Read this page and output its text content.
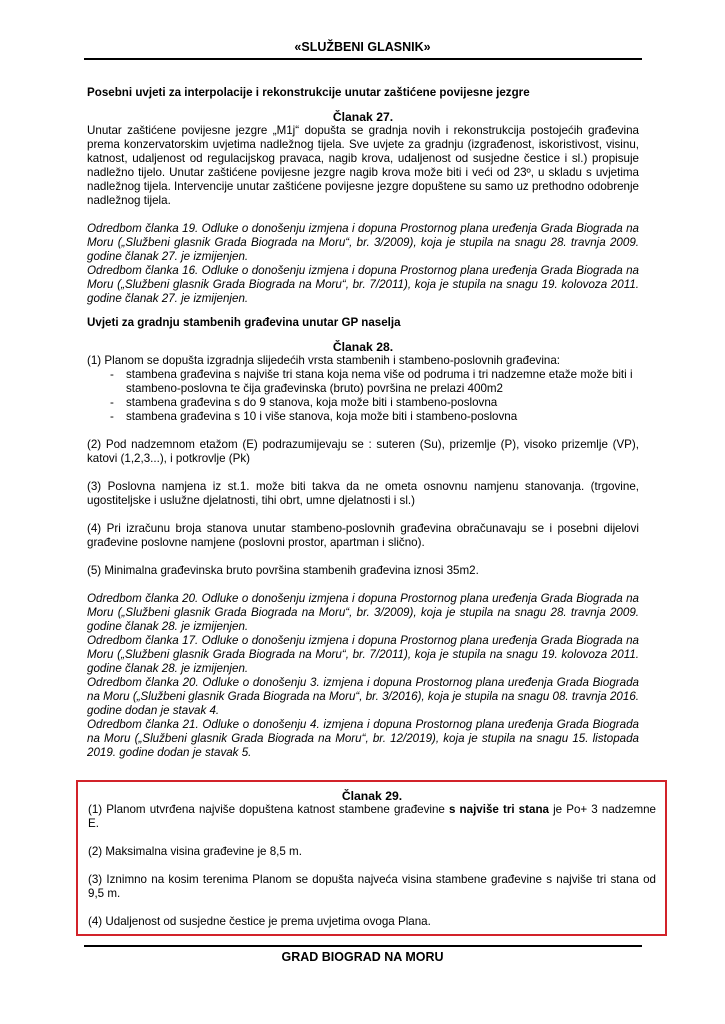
«SLUŽBENI GLASNIK»

Posebni uvjeti za interpolacije i rekonstrukcije unutar zaštićene povijesne jezgre

Članak 27.

Unutar zaštićene povijesne jezgre „M1j“ dopušta se gradnja novih i rekonstrukcija postojećih građevina prema konzervatorskim uvjetima nadležnog tijela. Sve uvjete za gradnju (izgrađenost, iskoristivost, visinu, katnost, udaljenost od regulacijskog pravaca, nagib krova, udaljenost od susjedne čestice i sl.) propisuje nadležno tijelo. Unutar zaštićene povijesne jezgre nagib krova može biti i veći od 23º, u skladu s uvjetima nadležnog tijela. Intervencije unutar zaštićene povijesne jezgre dopuštene su samo uz prethodno odobrenje nadležnog tijela.

Odredbom članka 19. Odluke o donošenju izmjena i dopuna Prostornog plana uređenja Grada Biograda na Moru („Službeni glasnik Grada Biograda na Moru“, br. 3/2009), koja je stupila na snagu 28. travnja 2009. godine članak 27. je izmijenjen.

Odredbom članka 16. Odluke o donošenju izmjena i dopuna Prostornog plana uređenja Grada Biograda na Moru („Službeni glasnik Grada Biograda na Moru“, br. 7/2011), koja je stupila na snagu 19. kolovoza 2011. godine članak 27. je izmijenjen.

Uvjeti za gradnju stambenih građevina unutar GP naselja

Članak 28.

(1) Planom se dopušta izgradnja slijedećih vrsta stambenih i stambeno-poslovnih građevina:

- stambena građevina s najviše tri stana koja nema više od podruma i tri nadzemne etaže može biti i stambeno-poslovna te čija građevinska (bruto) površina ne prelazi 400m2
- stambena građevina s do 9 stanova, koja može biti i stambeno-poslovna
- stambena građevina s 10 i više stanova, koja može biti i stambeno-poslovna

(2) Pod nadzemnom etažom (E) podrazumijevaju se : suteren (Su), prizemlje (P), visoko prizemlje (VP), katovi (1,2,3...), i potkrovlje (Pk)

(3) Poslovna namjena iz st.1. može biti takva da ne ometa osnovnu namjenu stanovanja. (trgovine, ugostiteljske i uslužne djelatnosti, tihi obrt, umne djelatnosti i sl.)

(4) Pri izračunu broja stanova unutar stambeno-poslovnih građevina obračunavaju se i posebni dijelovi građevine poslovne namjene (poslovni prostor, apartman i slično).

(5) Minimalna građevinska bruto površina stambenih građevina iznosi 35m2.

Odredbom članka 20. Odluke o donošenju izmjena i dopuna Prostornog plana uređenja Grada Biograda na Moru („Službeni glasnik Grada Biograda na Moru“, br. 3/2009), koja je stupila na snagu 28. travnja 2009. godine članak 28. je izmijenjen.

Odredbom članka 17. Odluke o donošenju izmjena i dopuna Prostornog plana uređenja Grada Biograda na Moru („Službeni glasnik Grada Biograda na Moru“, br. 7/2011), koja je stupila na snagu 19. kolovoza 2011. godine članak 28. je izmijenjen.

Odredbom članka 20. Odluke o donošenju 3. izmjena i dopuna Prostornog plana uređenja Grada Biograda na Moru („Službeni glasnik Grada Biograda na Moru“, br. 3/2016), koja je stupila na snagu 08. travnja 2016. godine dodan je stavak 4.

Odredbom članka 21. Odluke o donošenju 4. izmjena i dopuna Prostornog plana uređenja Grada Biograda na Moru („Službeni glasnik Grada Biograda na Moru“, br. 12/2019), koja je stupila na snagu 15. listopada 2019. godine dodan je stavak 5.

Članak 29.

(1) Planom utvrđena najviše dopuštena katnost stambene građevine s najviše tri stana je Po+ 3 nadzemne E.

(2) Maksimalna visina građevine je 8,5 m.

(3) Iznimno na kosim terenima Planom se dopušta najveća visina stambene građevine s najviše tri stana od 9,5 m.

(4) Udaljenost od susjedne čestice je prema uvjetima ovoga Plana.

GRAD BIOGRAD NA MORU
